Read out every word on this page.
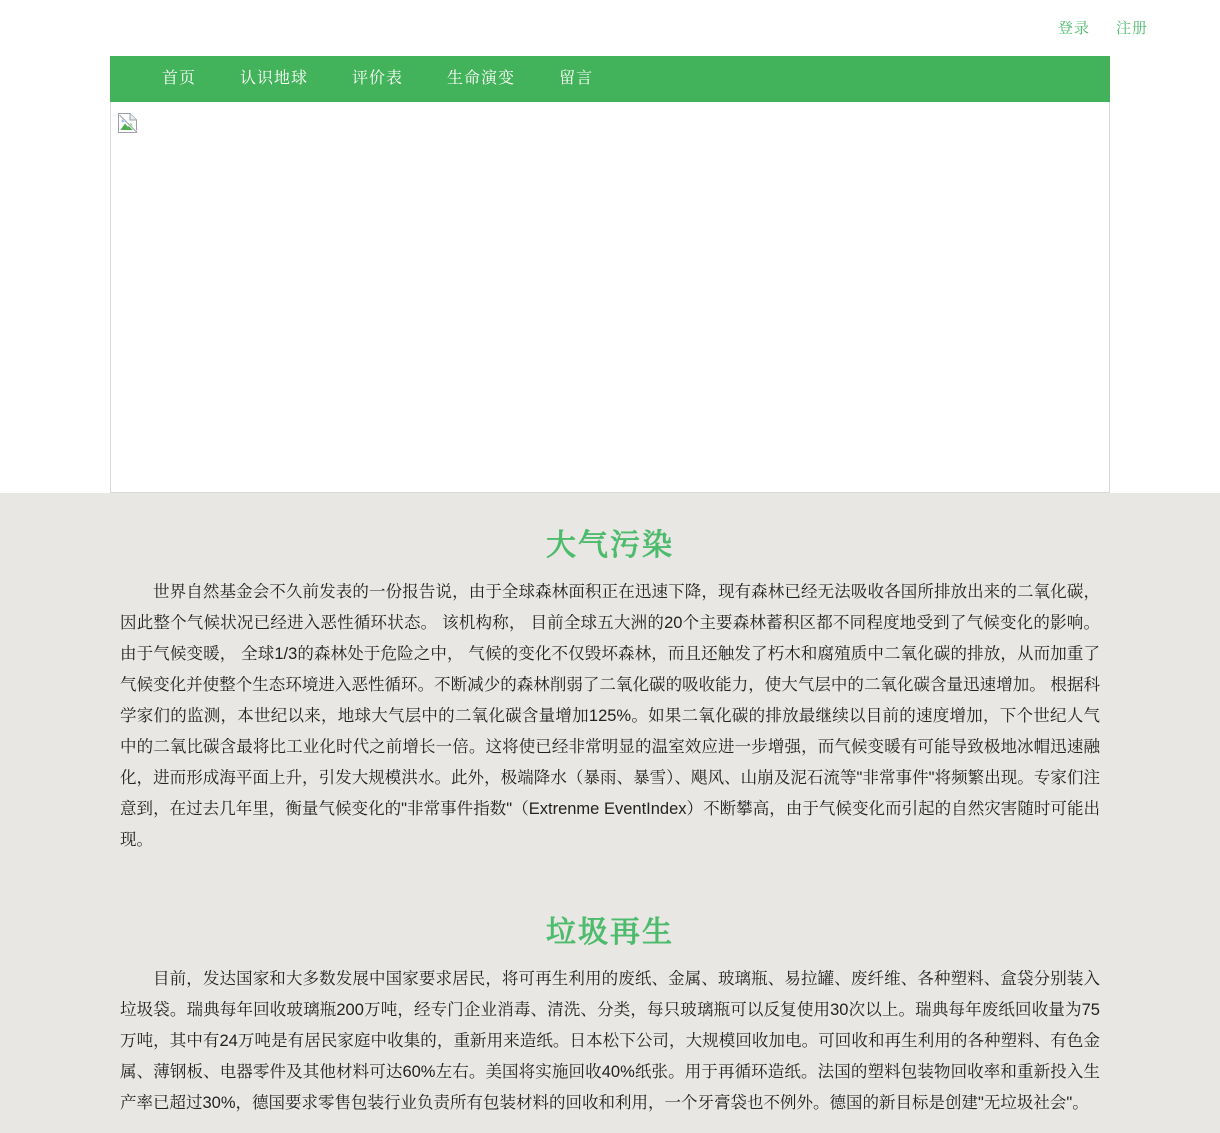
登录 注册
首页	认识地球	评价表	生命演变	留言
大气污染

世界自然基金会不久前发表的一份报告说，由于全球森林面积正在迅速下降，现有森林已经无法吸收各国所排放出来的二氧化碳，因此整个气候状况已经进入恶性循环状态。 该机构称， 目前全球五大洲的20个主要森林蓄积区都不同程度地受到了气候变化的影响。由于气候变暖， 全球1/3的森林处于危险之中， 气候的变化不仅毁坏森林，而且还触发了朽木和腐殖质中二氧化碳的排放，从而加重了气候变化并使整个生态环境进入恶性循环。不断减少的森林削弱了二氧化碳的吸收能力，使大气层中的二氧化碳含量迅速增加。 根据科学家们的监测，本世纪以来，地球大气层中的二氧化碳含量增加125%。如果二氧化碳的排放最继续以目前的速度增加，下个世纪人气中的二氧比碳含最将比工业化时代之前增长一倍。这将使已经非常明显的温室效应进一步增强，而气候变暖有可能导致极地冰帽迅速融化，进而形成海平面上升，引发大规模洪水。此外，极端降水（暴雨、暴雪）、飓风、山崩及泥石流等"非常事件"将频繁出现。专家们注意到，在过去几年里，衡量气候变化的"非常事件指数"（Extrenme EventIndex）不断攀高，由于气候变化而引起的自然灾害随时可能出现。

垃圾再生

目前，发达国家和大多数发展中国家要求居民，将可再生利用的废纸、金属、玻璃瓶、易拉罐、废纤维、各种塑料、盒袋分别装入垃圾袋。瑞典每年回收玻璃瓶200万吨，经专门企业消毒、清洗、分类，每只玻璃瓶可以反复使用30次以上。瑞典每年废纸回收量为75万吨，其中有24万吨是有居民家庭中收集的，重新用来造纸。日本松下公司，大规模回收加电。可回收和再生利用的各种塑料、有色金属、薄钢板、电器零件及其他材料可达60%左右。美国将实施回收40%纸张。用于再循环造纸。法国的塑料包装物回收率和重新投入生产率已超过30%，德国要求零售包装行业负责所有包装材料的回收和利用，一个牙膏袋也不例外。德国的新目标是创建"无垃圾社会"。
